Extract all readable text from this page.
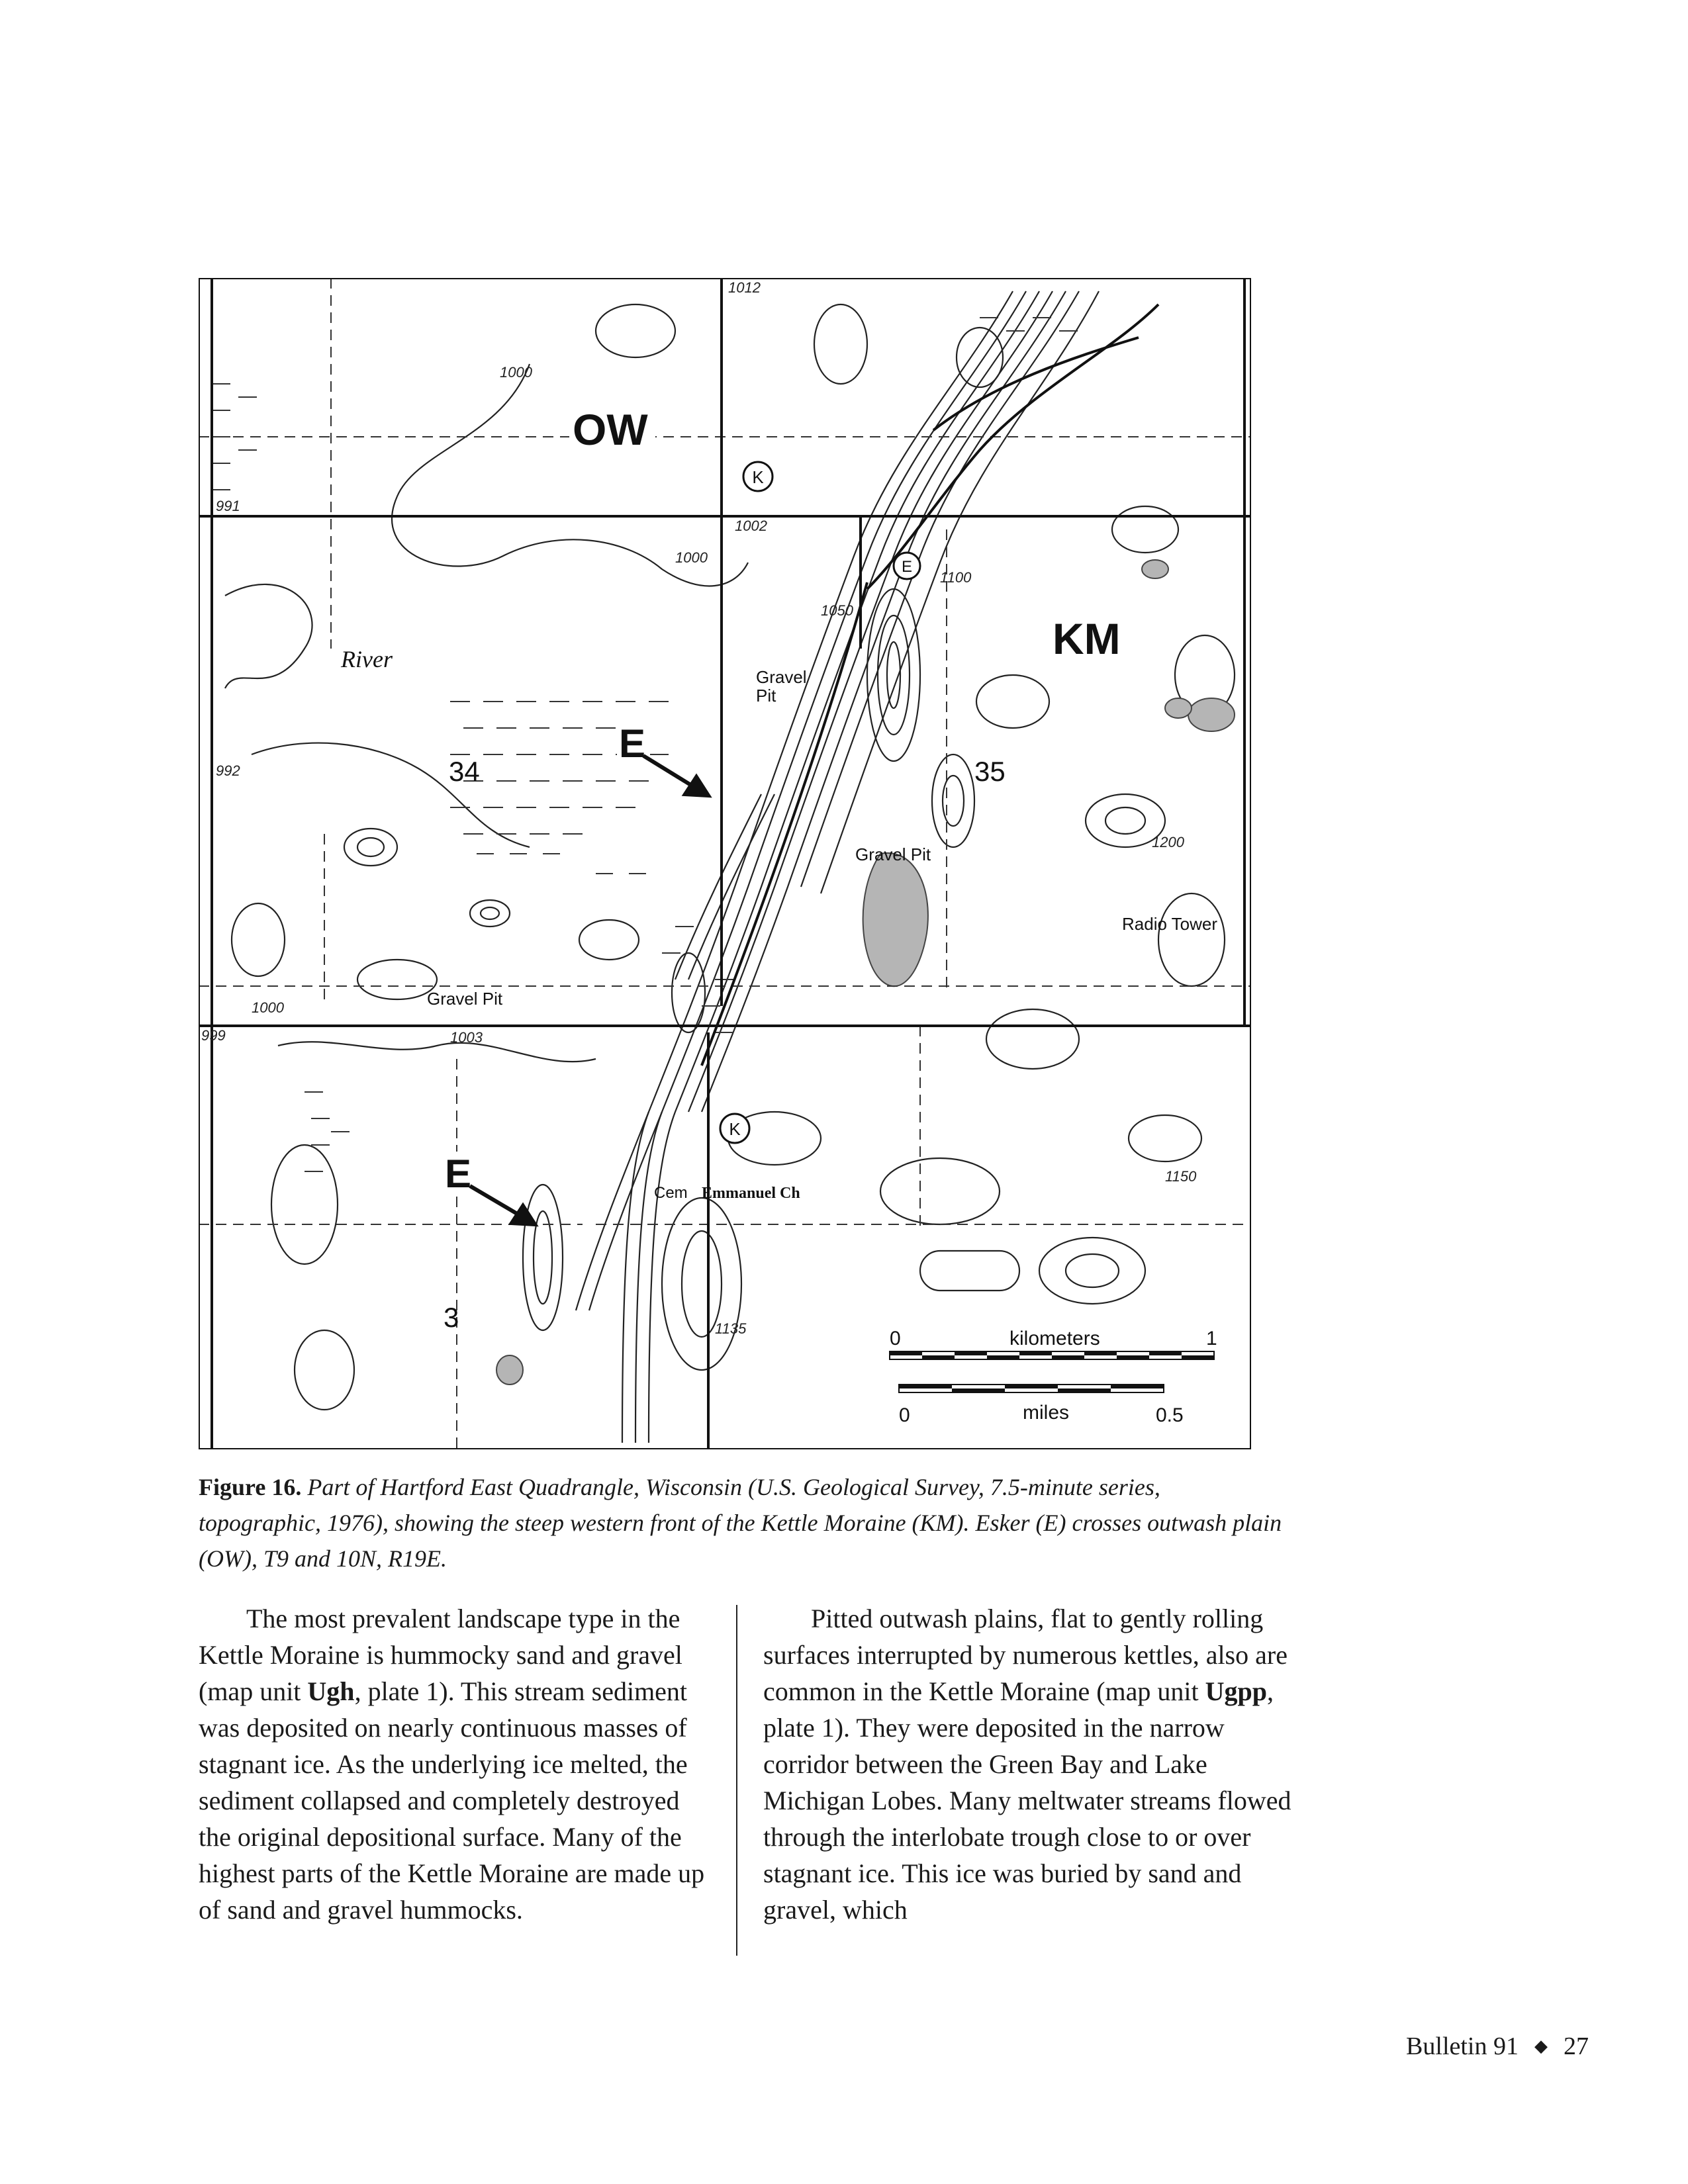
K
E
K
OW
KM
E
E
34	35
3
River
Gravel
Pit
Gravel Pit
Gravel Pit
Radio Tower
Cem Emmanuel Ch
1012
1002
991
992
999	1003
1000
1000
1000
1100
1200
1150
1135
1050
0	kilometers	1
0	miles	0.5
Figure 16. Part of Hartford East Quadrangle, Wisconsin (U.S. Geological Survey, 7.5-minute series, topographic, 1976), showing the steep western front of the Kettle Moraine (KM). Esker (E) crosses outwash plain (OW), T9 and 10N, R19E.

The most prevalent landscape type in the Kettle Moraine is hummocky sand and gravel (map unit Ugh, plate 1). This stream sediment was deposited on nearly continuous masses of stagnant ice. As the underlying ice melted, the sediment collapsed and completely destroyed the original depositional surface. Many of the highest parts of the Kettle Moraine are made up of sand and gravel hummocks.

Pitted outwash plains, flat to gently rolling surfaces interrupted by numerous kettles, also are common in the Kettle Moraine (map unit Ugpp, plate 1). They were deposited in the narrow corridor between the Green Bay and Lake Michigan Lobes. Many meltwater streams flowed through the interlobate trough close to or over stagnant ice. This ice was buried by sand and gravel, which

Bulletin 91 ◆ 27
